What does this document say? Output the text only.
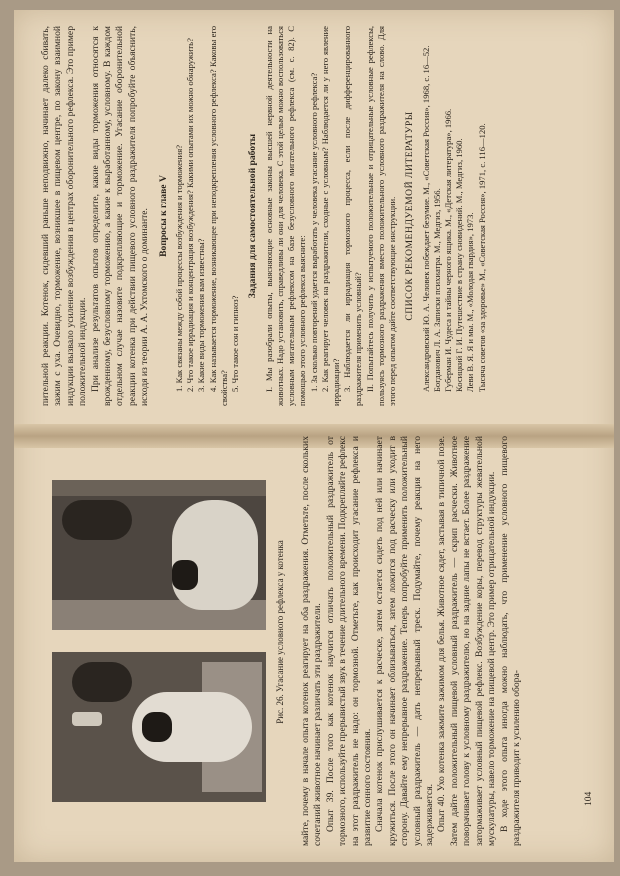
пительной реакции. Котенок, сидевший раньше неподвижно, начинает далеко сбивать, зажим с уха. Очевидно, торможение, возникшее в пищевом центре, по закону взаимной индукции вызвало усиление возбуждения в центрах оборонительного рефлекса. Это пример положительной индукции. При анализе результатов опытов определите, какие виды торможения относятся к врожденному, безусловному торможению, а какие к выработанному, условному. В каждом отдельном случае назовите подкрепляющие и торможение. Угасание оборонительной реакции котенка при действии пищевого условного раздражителя попробуйте объяснить, исходя из теории А. А. Ухтомского о доминанте. Вопросы к главе V 1. Как связаны между собой процессы возбуждения и торможения? 2. Что такое иррадиация и концентрация возбуждения? Какими опытами их можно обнаружить? 3. Какие виды торможения вам известны? 4. Как называется торможение, возникающее при неподкрепления условного рефлекса? Каковы его свойства? 5. Что такое сон и гипноз?

Задания для самостоятельной работы I. Мы разобрали опыты, выясняющие основные законы высшей нервной деятельности на животных. Надо установить, справедливы ли они для человека. С этой целью можно воспользоваться условным мигательным рефлексом на базе безусловного мигательного рефлекса (см. с. 82). С помощью этого условного рефлекса выясните: 1. За сколько повторений удается выработать у человека угасание условного рефлекса? 2. Как реагирует человек на раздражители, сходные с условным? Наблюдается ли у него явление иррадиации? 3. Наблюдается ли иррадиация тормозного процесса, если после дифференцированного раздражителя применить условный? II. Попытайтесь получить у испытуемого положительные и отрицательные условные рефлексы, пользуясь тормозного раздражения вместо положительного условного раздражителя на слово. Для этого перед опытом дайте соответствующие инструкции. СПИСОК РЕКОМЕНДУЕМОЙ ЛИТЕРАТУРЫ Александровский Ю. А. Человек побеждает безумие. М., «Советская Россия», 1968, с. 16—52. Богданович Л. А. Записки психиатра. М., Медгиз, 1956. Губерман И. Чудеса и тайны черного ящика. М., «Детская литература», 1966. Косицкий Г. И. Путешествие в страну сновидений. М., Медгиз, 1960. Леви В. Я. Я и мы. М., «Молодая гвардия», 1973. Тысяча советов «за здоровье» М., «Советская Россия», 1971, с. 116—120.

Рис. 26. Угасание условного рефлекса у котенка майте, почему в начале опыта котенок реагирует на оба раздражения. Отметьте, после скольких сочетаний животное начинает различать эти раздражители. Опыт 39. После того как котенок научится отличать положительный раздражитель от тормозного, используйте прерывистый звук в течение длительного времени. Подкрепляйте рефлекс на этот раздражитель не надо: он тормозной. Отметьте, как происходит угасание рефлекса и развитие сонного состояния. Сначала котенок прислушивается к расческе, затем остается сидеть под ней или начинает кружиться. После этого он начинает облизываться, затем ложится под расческу или уходит в сторону. Давайте ему непрерывное раздражение. Теперь попробуйте применить положительный условный раздражитель — дать непрерывный треск. Подумайте, почему реакция на него задерживается. Опыт 40. Ухо котенка зажмите зажимом для белья. Животное сядет, застывая в типичной позе. Затем дайте положительный пищевой условный раздражитель — скрип расчески. Животное поворачивает голову к условному раздражителю, но на задние лапы не встает. Более раздражение затормаживает условный пищевой рефлекс. Возбуждение коры, перевод структуры жевательной мускулатуры, навело торможение на пищевой центр. Это пример отрицательной индукции. В ходе этого опыта иногда можно наблюдать, что применение условного пищевого раздражителя приводит к усилению обора-	104
